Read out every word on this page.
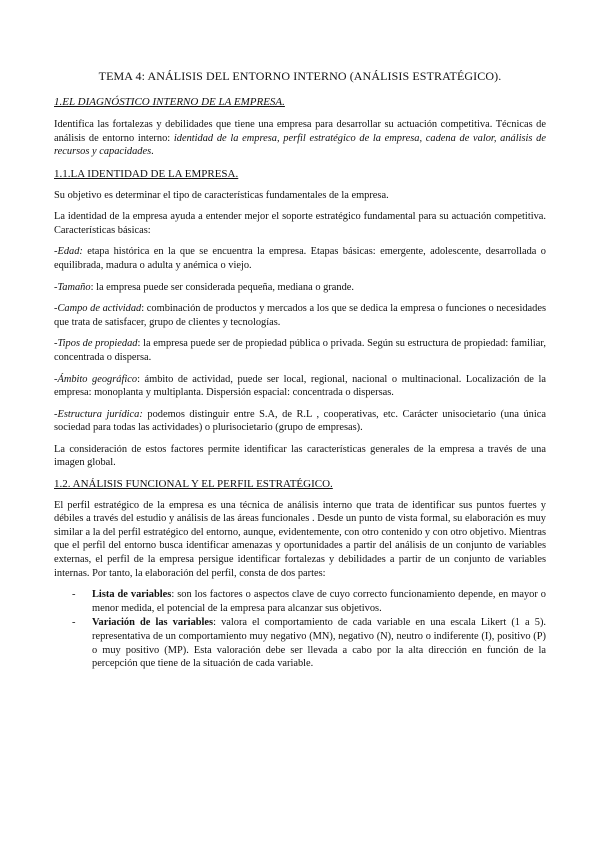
TEMA 4: ANÁLISIS DEL ENTORNO INTERNO (ANÁLISIS ESTRATÉGICO).
1.EL DIAGNÓSTICO INTERNO DE LA EMPRESA.

Identifica las fortalezas y debilidades que tiene una empresa para desarrollar su actuación competitiva. Técnicas de análisis de entorno interno: identidad de la empresa, perfil estratégico de la empresa, cadena de valor, análisis de recursos y capacidades.

1.1.LA IDENTIDAD DE LA EMPRESA.

Su objetivo es determinar el tipo de características fundamentales de la empresa.

La identidad de la empresa ayuda a entender mejor el soporte estratégico fundamental para su actuación competitiva. Características básicas:

-Edad: etapa histórica en la que se encuentra la empresa. Etapas básicas: emergente, adolescente, desarrollada o equilibrada, madura o adulta y anémica o viejo.

-Tamaño: la empresa puede ser considerada pequeña, mediana o grande.

-Campo de actividad: combinación de productos y mercados a los que se dedica la empresa o funciones o necesidades que trata de satisfacer, grupo de clientes y tecnologías.

-Tipos de propiedad: la empresa puede ser de propiedad pública o privada. Según su estructura de propiedad: familiar, concentrada o dispersa.

-Ámbito geográfico: ámbito de actividad, puede ser local, regional, nacional o multinacional. Localización de la empresa: monoplanta y multiplanta. Dispersión espacial: concentrada o dispersas.

-Estructura jurídica: podemos distinguir entre S.A, de R.L , cooperativas, etc. Carácter unisocietario (una única sociedad para todas las actividades) o plurisocietario (grupo de empresas).

La consideración de estos factores permite identificar las características generales de la empresa a través de una imagen global.

1.2. ANÁLISIS FUNCIONAL Y EL PERFIL ESTRATÉGICO.

El perfil estratégico de la empresa es una técnica de análisis interno que trata de identificar sus puntos fuertes y débiles a través del estudio y análisis de las áreas funcionales . Desde un punto de vista formal, su elaboración es muy similar a la del perfil estratégico del entorno, aunque, evidentemente, con otro contenido y con otro objetivo. Mientras que el perfil del entorno busca identificar amenazas y oportunidades a partir del análisis de un conjunto de variables externas, el perfil de la empresa persigue identificar fortalezas y debilidades a partir de un conjunto de variables internas. Por tanto, la elaboración del perfil, consta de dos partes:

- Lista de variables: son los factores o aspectos clave de cuyo correcto funcionamiento depende, en mayor o menor medida, el potencial de la empresa para alcanzar sus objetivos.
- Variación de las variables: valora el comportamiento de cada variable en una escala Likert (1 a 5). representativa de un comportamiento muy negativo (MN), negativo (N), neutro o indiferente (I), positivo (P) o muy positivo (MP). Esta valoración debe ser llevada a cabo por la alta dirección en función de la percepción que tiene de la situación de cada variable.
